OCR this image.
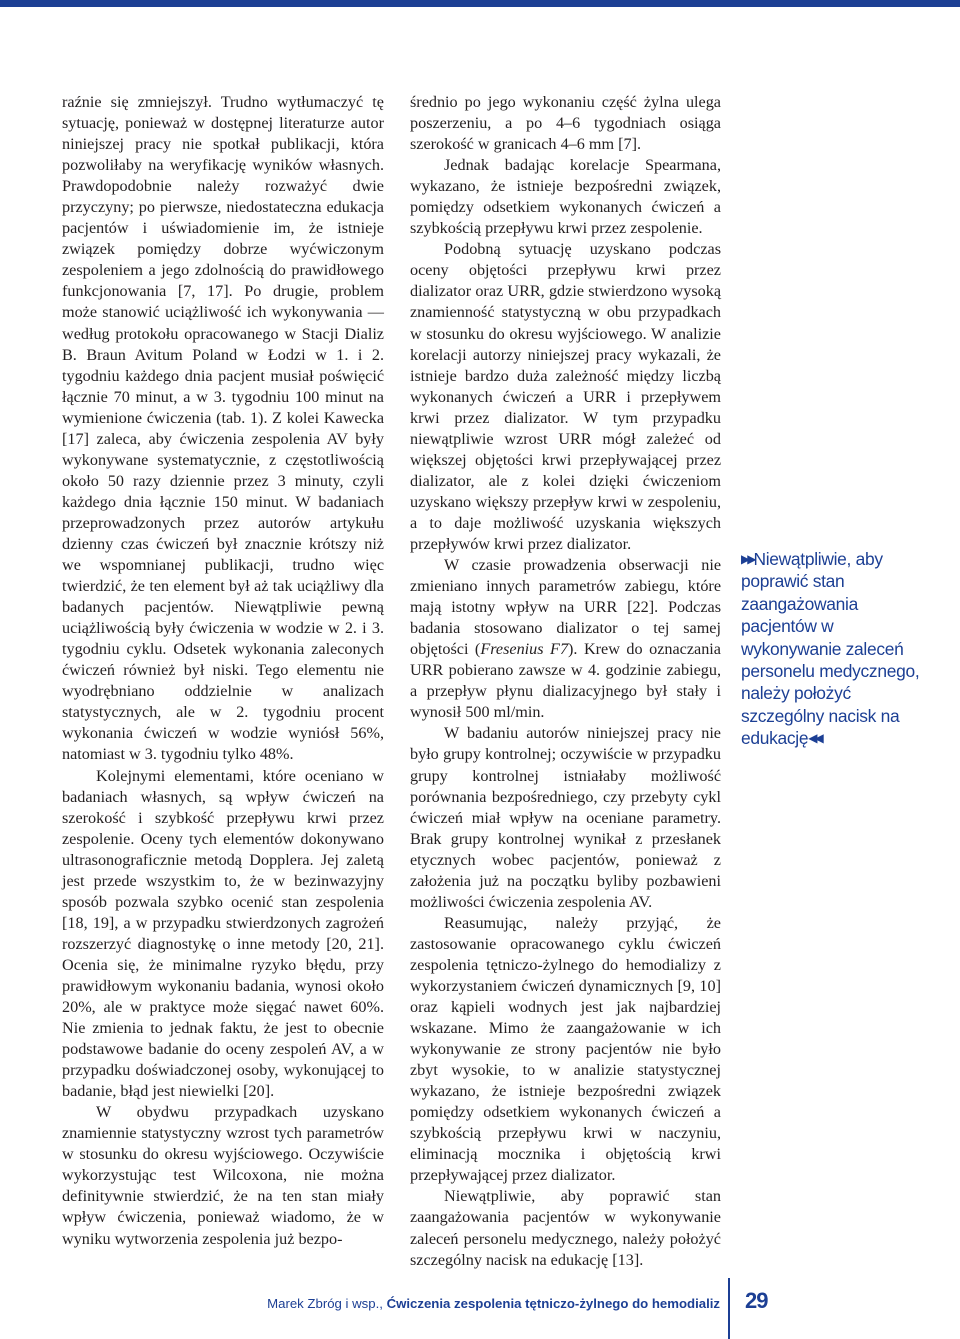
raźnie się zmniejszył. Trudno wytłumaczyć tę sytuację, ponieważ w dostępnej literaturze autor niniejszej pracy nie spotkał publikacji, która pozwoliłaby na weryfikację wyników własnych. Prawdopodobnie należy rozważyć dwie przyczyny; po pierwsze, niedostateczna edukacja pacjentów i uświadomienie im, że istnieje związek pomiędzy dobrze wyćwiczonym zespoleniem a jego zdolnością do prawidłowego funkcjonowania [7, 17]. Po drugie, problem może stanowić uciążliwość ich wykonywania — według protokołu opracowanego w Stacji Dializ B. Braun Avitum Poland w Łodzi w 1. i 2. tygodniu każdego dnia pacjent musiał poświęcić łącznie 70 minut, a w 3. tygodniu 100 minut na wymienione ćwiczenia (tab. 1). Z kolei Kawecka [17] zaleca, aby ćwiczenia zespolenia AV były wykonywane systematycznie, z częstotliwością około 50 razy dziennie przez 3 minuty, czyli każdego dnia łącznie 150 minut. W badaniach przeprowadzonych przez autorów artykułu dzienny czas ćwiczeń był znacznie krótszy niż we wspomnianej publikacji, trudno więc twierdzić, że ten element był aż tak uciążliwy dla badanych pacjentów. Niewątpliwie pewną uciążliwością były ćwiczenia w wodzie w 2. i 3. tygodniu cyklu. Odsetek wykonania zaleconych ćwiczeń również był niski. Tego elementu nie wyodrębniano oddzielnie w analizach statystycznych, ale w 2. tygodniu procent wykonania ćwiczeń w wodzie wyniósł 56%, natomiast w 3. tygodniu tylko 48%.

Kolejnymi elementami, które oceniano w badaniach własnych, są wpływ ćwiczeń na szerokość i szybkość przepływu krwi przez zespolenie. Oceny tych elementów dokonywano ultrasonograficznie metodą Dopplera. Jej zaletą jest przede wszystkim to, że w bezinwazyjny sposób pozwala szybko ocenić stan zespolenia [18, 19], a w przypadku stwierdzonych zagrożeń rozszerzyć diagnostykę o inne metody [20, 21]. Ocenia się, że minimalne ryzyko błędu, przy prawidłowym wykonaniu badania, wynosi około 20%, ale w praktyce może sięgać nawet 60%. Nie zmienia to jednak faktu, że jest to obecnie podstawowe badanie do oceny zespoleń AV, a w przypadku doświadczonej osoby, wykonującej to badanie, błąd jest niewielki [20].

W obydwu przypadkach uzyskano znamiennie statystyczny wzrost tych parametrów w stosunku do okresu wyjściowego. Oczywiście wykorzystując test Wilcoxona, nie można definitywnie stwierdzić, że na ten stan miały wpływ ćwiczenia, ponieważ wiadomo, że w wyniku wytworzenia zespolenia już bezpo-

średnio po jego wykonaniu część żylna ulega poszerzeniu, a po 4–6 tygodniach osiąga szerokość w granicach 4–6 mm [7].

Jednak badając korelacje Spearmana, wykazano, że istnieje bezpośredni związek, pomiędzy odsetkiem wykonanych ćwiczeń a szybkością przepływu krwi przez zespolenie.

Podobną sytuację uzyskano podczas oceny objętości przepływu krwi przez dializator oraz URR, gdzie stwierdzono wysoką znamienność statystyczną w obu przypadkach w stosunku do okresu wyjściowego. W analizie korelacji autorzy niniejszej pracy wykazali, że istnieje bardzo duża zależność między liczbą wykonanych ćwiczeń a URR i przepływem krwi przez dializator. W tym przypadku niewątpliwie wzrost URR mógł zależeć od większej objętości krwi przepływającej przez dializator, ale z kolei dzięki ćwiczeniom uzyskano większy przepływ krwi w zespoleniu, a to daje możliwość uzyskania większych przepływów krwi przez dializator.

W czasie prowadzenia obserwacji nie zmieniano innych parametrów zabiegu, które mają istotny wpływ na URR [22]. Podczas badania stosowano dializator o tej samej objętości (Fresenius F7). Krew do oznaczania URR pobierano zawsze w 4. godzinie zabiegu, a przepływ płynu dializacyjnego był stały i wynosił 500 ml/min.

W badaniu autorów niniejszej pracy nie było grupy kontrolnej; oczywiście w przypadku grupy kontrolnej istniałaby możliwość porównania bezpośredniego, czy przebyty cykl ćwiczeń miał wpływ na oceniane parametry. Brak grupy kontrolnej wynikał z przesłanek etycznych wobec pacjentów, ponieważ z założenia już na początku byliby pozbawieni możliwości ćwiczenia zespolenia AV.

Reasumując, należy przyjąć, że zastosowanie opracowanego cyklu ćwiczeń zespolenia tętniczo-żylnego do hemodializy z wykorzystaniem ćwiczeń dynamicznych [9, 10] oraz kąpieli wodnych jest jak najbardziej wskazane. Mimo że zaangażowanie w ich wykonywanie ze strony pacjentów nie było zbyt wysokie, to w analizie statystycznej wykazano, że istnieje bezpośredni związek pomiędzy odsetkiem wykonanych ćwiczeń a szybkością przepływu krwi w naczyniu, eliminacją mocznika i objętością krwi przepływającej przez dializator.

Niewątpliwie, aby poprawić stan zaangażowania pacjentów w wykonywanie zaleceń personelu medycznego, należy położyć szczególny nacisk na edukację [13].

▶▶Niewątpliwie, aby poprawić stan zaangażowania pacjentów w wykonywanie zaleceń personelu medycznego, należy położyć szczególny nacisk na edukację◀◀
Marek Zbróg i wsp., Ćwiczenia zespolenia tętniczo-żylnego do hemodializ 29
